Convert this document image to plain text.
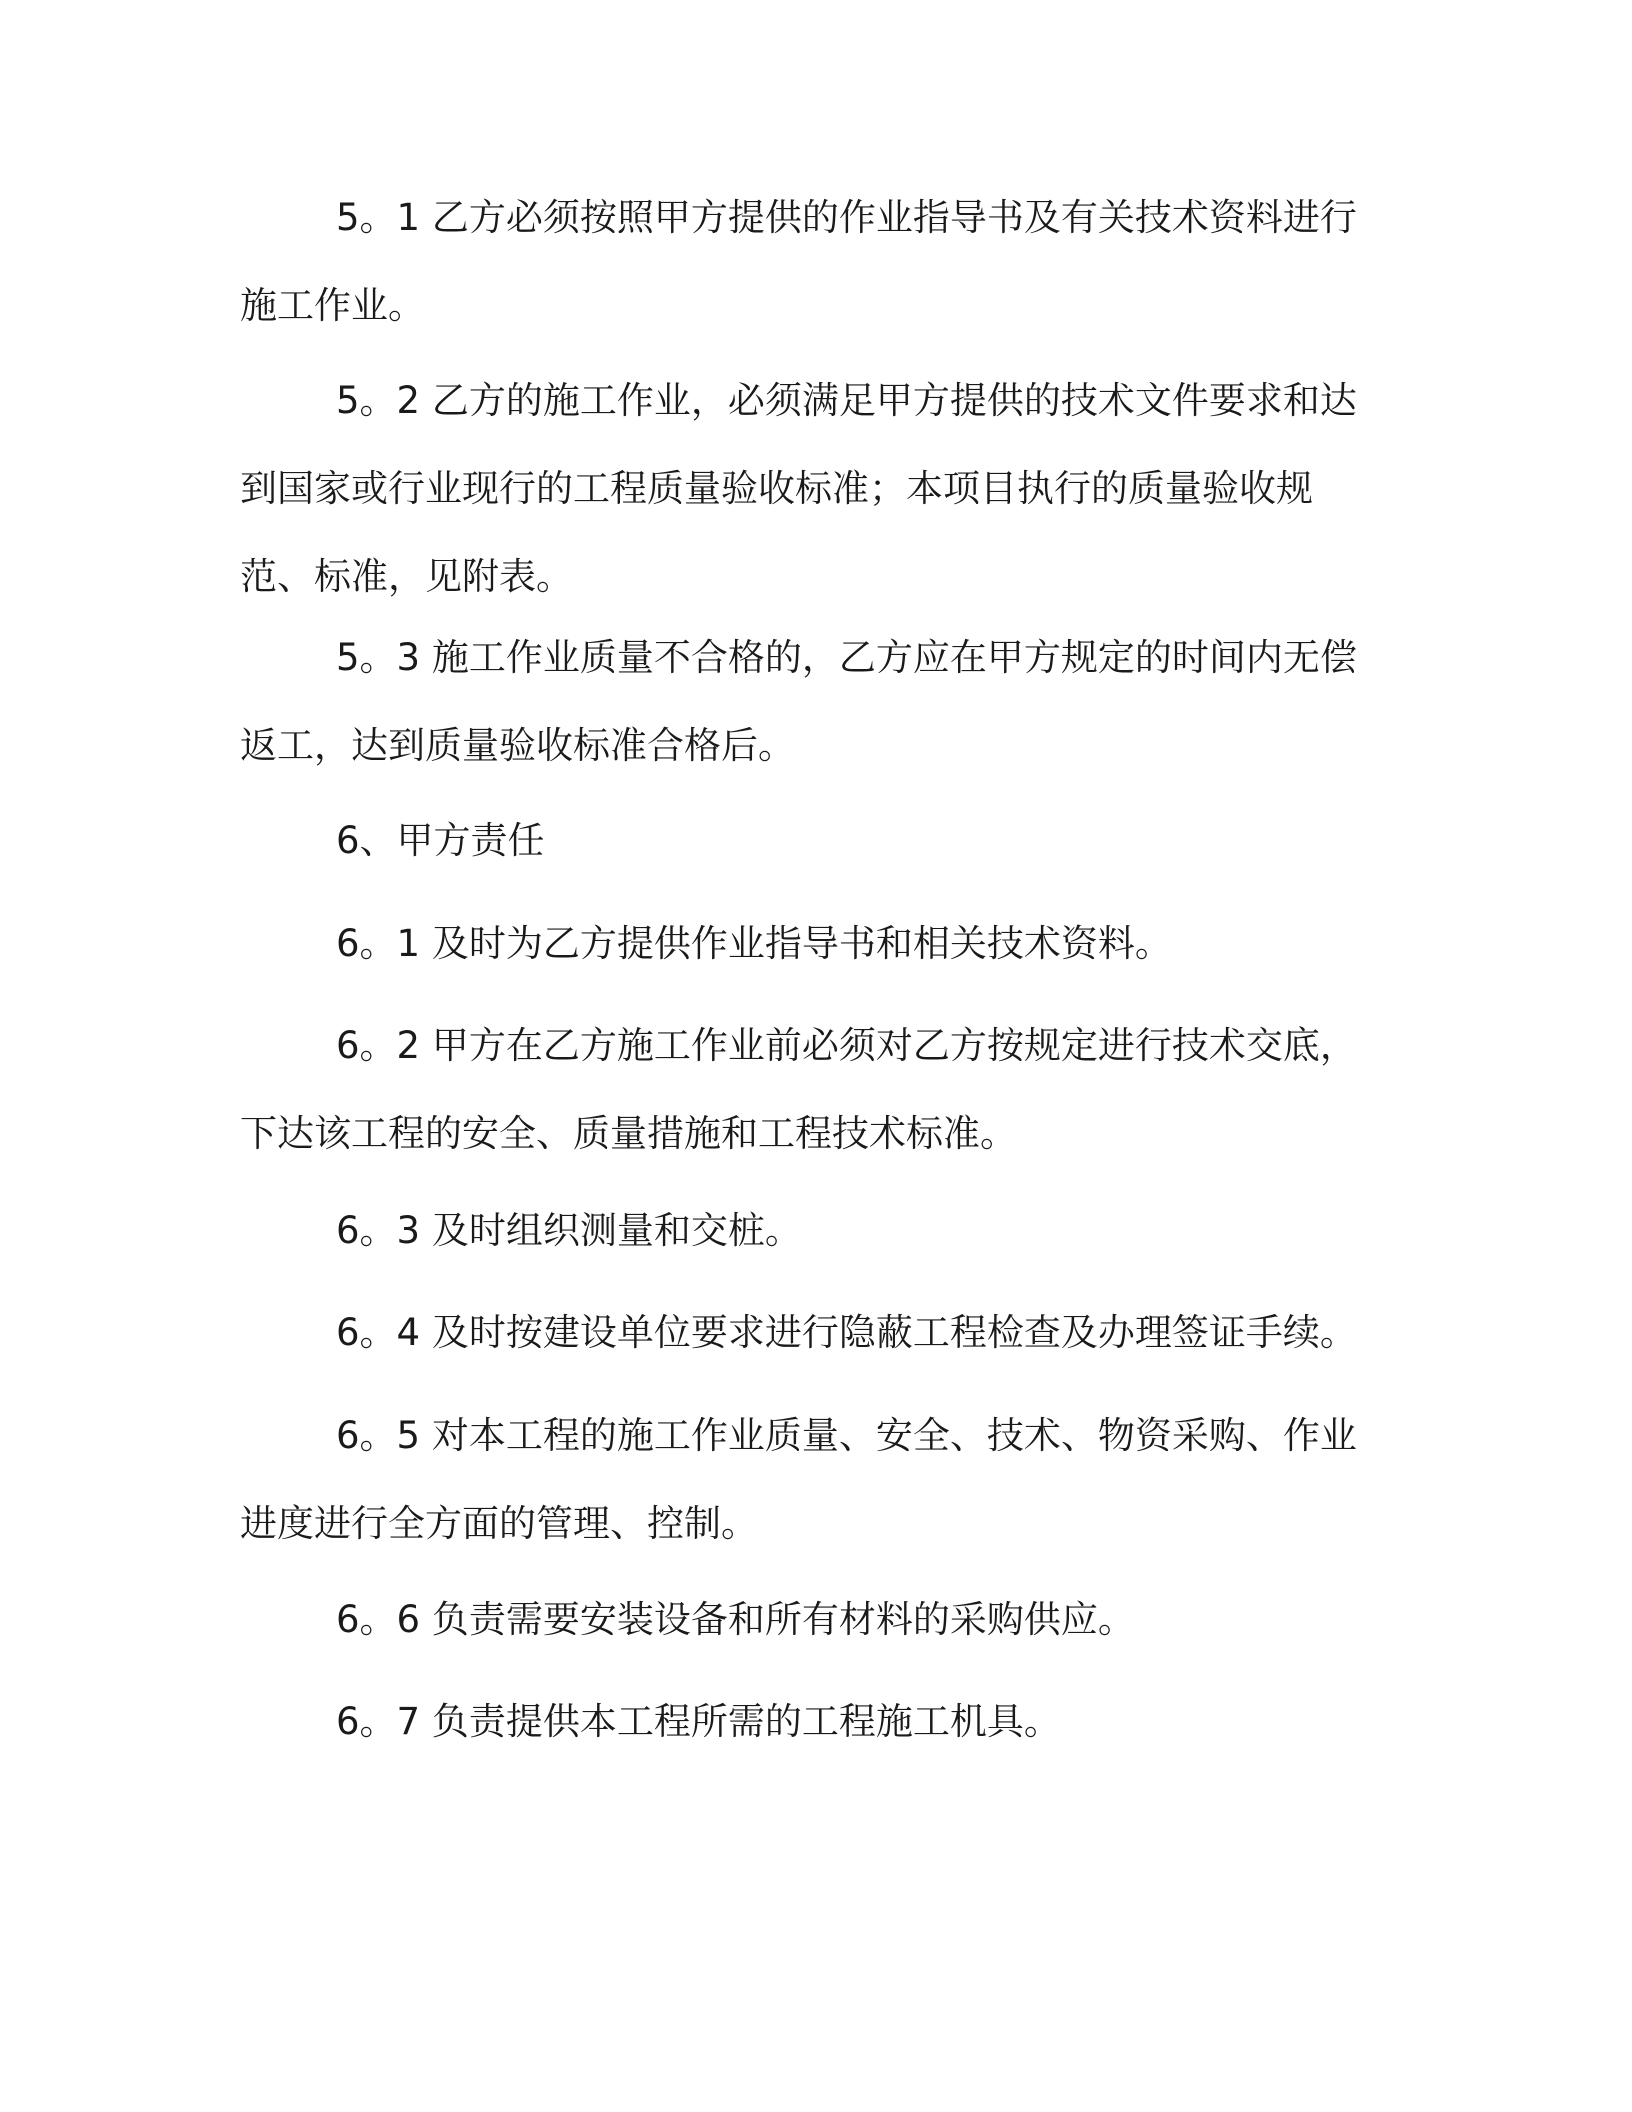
5。1 乙方必须按照甲方提供的作业指导书及有关技术资料进行施工作业。

5。2 乙方的施工作业，必须满足甲方提供的技术文件要求和达到国家或行业现行的工程质量验收标准；本项目执行的质量验收规范、标准，见附表。

5。3 施工作业质量不合格的，乙方应在甲方规定的时间内无偿返工，达到质量验收标准合格后。

6、甲方责任

6。1 及时为乙方提供作业指导书和相关技术资料。

6。2 甲方在乙方施工作业前必须对乙方按规定进行技术交底，下达该工程的安全、质量措施和工程技术标准。

6。3 及时组织测量和交桩。

6。4 及时按建设单位要求进行隐蔽工程检查及办理签证手续。

6。5 对本工程的施工作业质量、安全、技术、物资采购、作业进度进行全方面的管理、控制。

6。6 负责需要安装设备和所有材料的采购供应。

6。7 负责提供本工程所需的工程施工机具。
